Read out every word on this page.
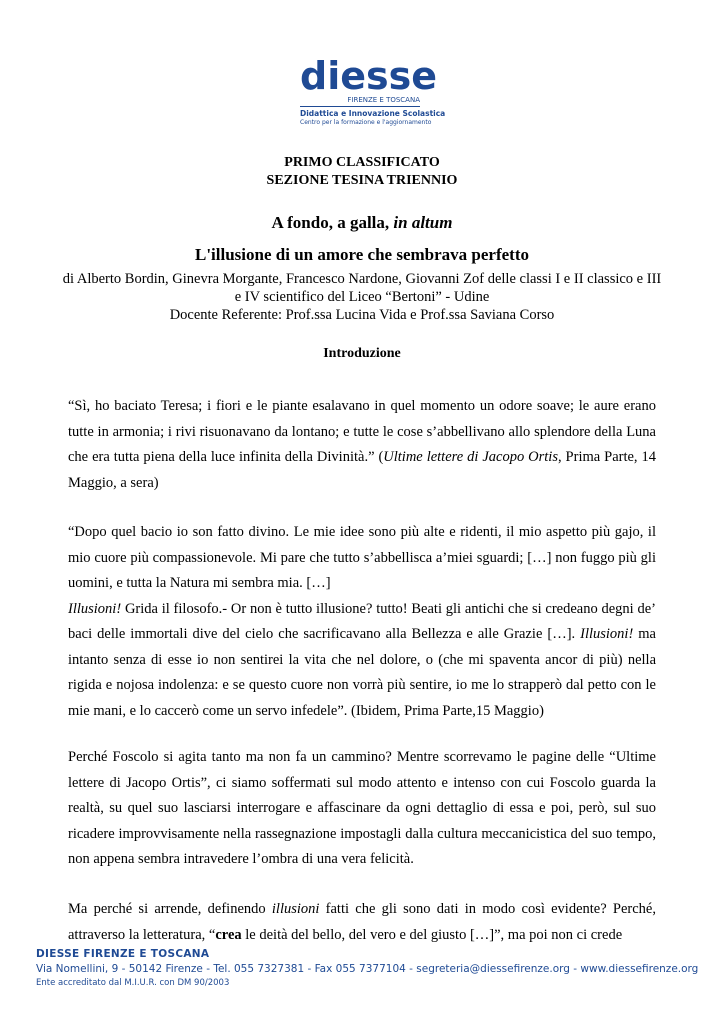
diesse
FIRENZE E TOSCANA
Didattica e Innovazione Scolastica
Centro per la formazione e l'aggiornamento
PRIMO CLASSIFICATO
SEZIONE TESINA TRIENNIO
A fondo, a galla, in altum
L'illusione di un amore che sembrava perfetto
di Alberto Bordin, Ginevra Morgante, Francesco Nardone, Giovanni Zof delle classi I e II classico e III e IV scientifico del Liceo “Bertoni” - Udine
Docente Referente: Prof.ssa Lucina Vida e Prof.ssa Saviana Corso
Introduzione
“Sì, ho baciato Teresa; i fiori e le piante esalavano in quel momento un odore soave; le aure erano tutte in armonia; i rivi risuonavano da lontano; e tutte le cose s’abbellivano allo splendore della Luna che era tutta piena della luce infinita della Divinità.” (Ultime lettere di Jacopo Ortis, Prima Parte, 14 Maggio, a sera)
“Dopo quel bacio io son fatto divino. Le mie idee sono più alte e ridenti, il mio aspetto più gajo, il mio cuore più compassionevole. Mi pare che tutto s’abbellisca a’miei sguardi; […] non fuggo più gli uomini, e tutta la Natura mi sembra mia. […]
Illusioni! Grida il filosofo.- Or non è tutto illusione? tutto! Beati gli antichi che si credeano degni de’ baci delle immortali dive del cielo che sacrificavano alla Bellezza e alle Grazie […]. Illusioni! ma intanto senza di esse io non sentirei la vita che nel dolore, o (che mi spaventa ancor di più) nella rigida e nojosa indolenza: e se questo cuore non vorrà più sentire, io me lo strapperò dal petto con le mie mani, e lo caccerò come un servo infedele”. (Ibidem, Prima Parte,15 Maggio)
Perché Foscolo si agita tanto ma non fa un cammino? Mentre scorrevamo le pagine delle “Ultime lettere di Jacopo Ortis”, ci siamo soffermati sul modo attento e intenso con cui Foscolo guarda la realtà, su quel suo lasciarsi interrogare e affascinare da ogni dettaglio di essa e poi, però, sul suo ricadere improvvisamente nella rassegnazione impostagli dalla cultura meccanicistica del suo tempo, non appena sembra intravedere l’ombra di una vera felicità.
Ma perché si arrende, definendo illusioni fatti che gli sono dati in modo così evidente? Perché, attraverso la letteratura, “crea le deità del bello, del vero e del giusto […]”, ma poi non ci crede
DIESSE FIRENZE E TOSCANA
Via Nomellini, 9 - 50142 Firenze - Tel. 055 7327381 - Fax 055 7377104 - segreteria@diessefirenze.org - www.diessefirenze.org
Ente accreditato dal M.I.U.R. con DM 90/2003
